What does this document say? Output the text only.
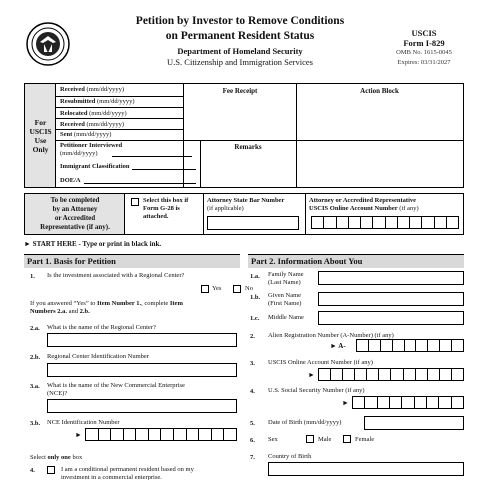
Petition by Investor to Remove Conditions
on Permanent Resident Status
Department of Homeland Security
U.S. Citizenship and Immigration Services
USCIS
Form I-829
OMB No. 1615-0045
Expires: 03/31/2027
For
USCIS
Use
Only
Received (mm/dd/yyyy)
Resubmitted (mm/dd/yyyy)
Relocated (mm/dd/yyyy)
Received (mm/dd/yyyy)
Sent (mm/dd/yyyy)
Petitioner Interviewed
(mm/dd/yyyy)
Immigrant Classification
DOE/A
Fee Receipt	Action Block
Remarks
To be completed
by an Attorney
or Accredited
Representative (if any).
Select this box if
Form G-28 is
attached.
Attorney State Bar Number
(if applicable)
Attorney or Accredited Representative
USCIS Online Account Number (if any)
► START HERE - Type or print in black ink.
Part 1. Basis for Petition
1. Is the investment associated with a Regional Center?
Yes	No
If you answered “Yes” to Item Number 1., complete Item
Numbers 2.a. and 2.b.
2.a. What is the name of the Regional Center?
2.b. Regional Center Identification Number
3.a. What is the name of the New Commercial Enterprise
(NCE)?
3.b. NCE Identification Number
►
Select only one box
4.	I am a conditional permanent resident based on my
investment in a commercial enterprise.
Part 2. Information About You
1.a. Family Name
(Last Name)
1.b. Given Name
(First Name)
1.c. Middle Name
2. Alien Registration Number (A-Number) (if any)
► A-
3. USCIS Online Account Number (if any)
►
4. U.S. Social Security Number (if any)
►
5. Date of Birth (mm/dd/yyyy)
6. Sex	Male	Female
7. Country of Birth
